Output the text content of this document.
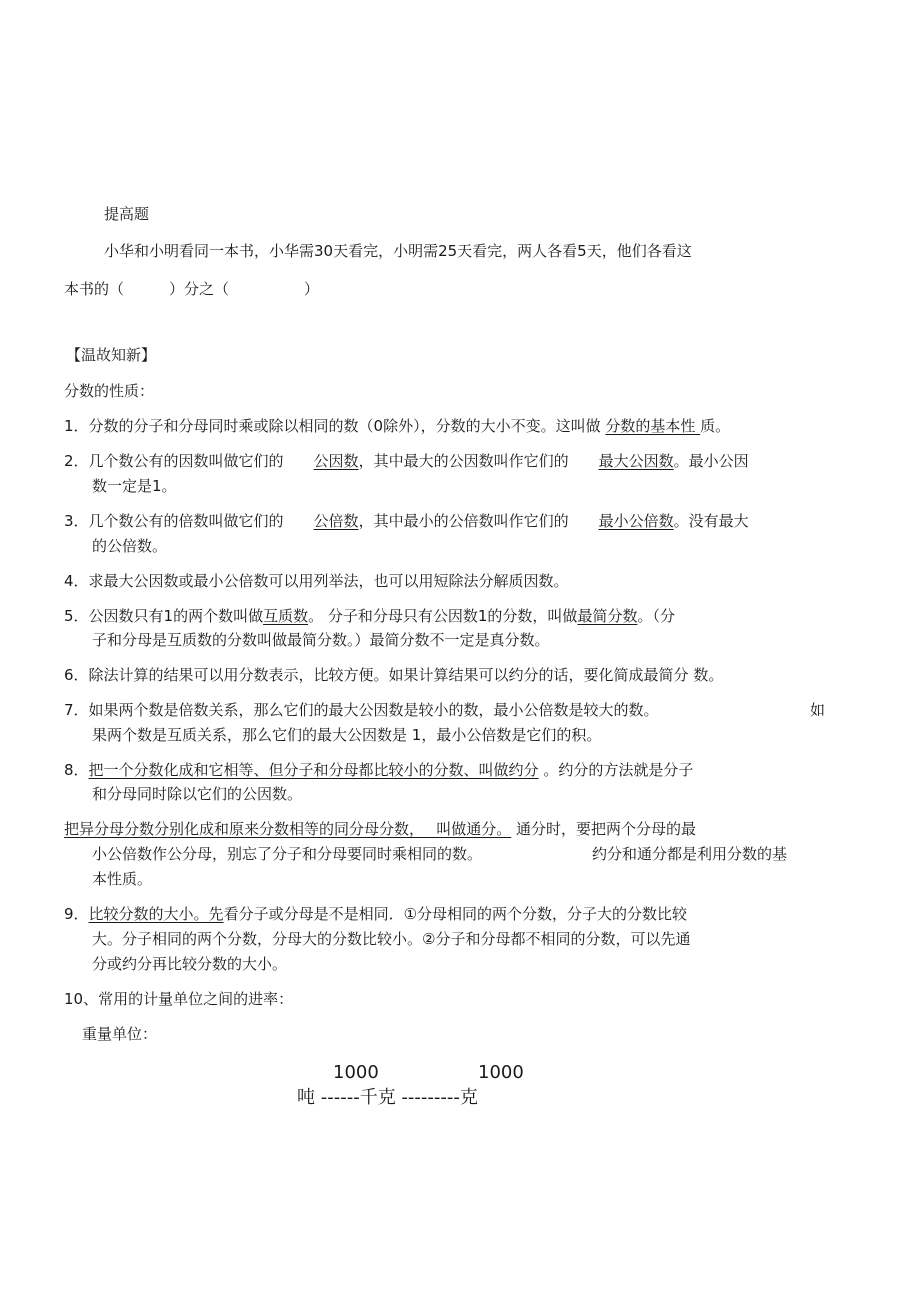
提高题

小华和小明看同一本书，小华需30天看完，小明需25天看完，两人各看5天，他们各看这

本书的（　　　）分之（　　　　　）

【温故知新】

分数的性质：

1．分数的分子和分母同时乘或除以相同的数（0除外），分数的大小不变。这叫做 分数的基本性 质。

2．几个数公有的因数叫做它们的　　公因数，其中最大的公因数叫作它们的　　最大公因数。最小公因

数一定是1。

3．几个数公有的倍数叫做它们的　　公倍数，其中最小的公倍数叫作它们的　　最小公倍数。没有最大

的公倍数。

4．求最大公因数或最小公倍数可以用列举法，也可以用短除法分解质因数。

5．公因数只有1的两个数叫做互质数。 分子和分母只有公因数1的分数，叫做最简分数。（分

子和分母是互质数的分数叫做最简分数。）最简分数不一定是真分数。

6．除法计算的结果可以用分数表示，比较方便。如果计算结果可以约分的话，要化简成最简分 数。

7．如果两个数是倍数关系，那么它们的最大公因数是较小的数，最小公倍数是较大的数。	如

果两个数是互质关系，那么它们的最大公因数是 1，最小公倍数是它们的积。

8．把一个分数化成和它相等、但分子和分母都比较小的分数、叫做约分 。约分的方法就是分子

和分母同时除以它们的公因数。

把异分母分数分别化成和原来分数相等的同分母分数，　 叫做通分。 通分时，要把两个分母的最

小公倍数作公分母，别忘了分子和分母要同时乘相同的数。	约分和通分都是利用分数的基

本性质。

9．比较分数的大小。先看分子或分母是不是相同．①分母相同的两个分数，分子大的分数比较

大。分子相同的两个分数，分母大的分数比较小。②分子和分母都不相同的分数，可以先通

分或约分再比较分数的大小。

10、常用的计量单位之间的进率：

重量单位：

1000	1000

吨 ------千克 ---------克
